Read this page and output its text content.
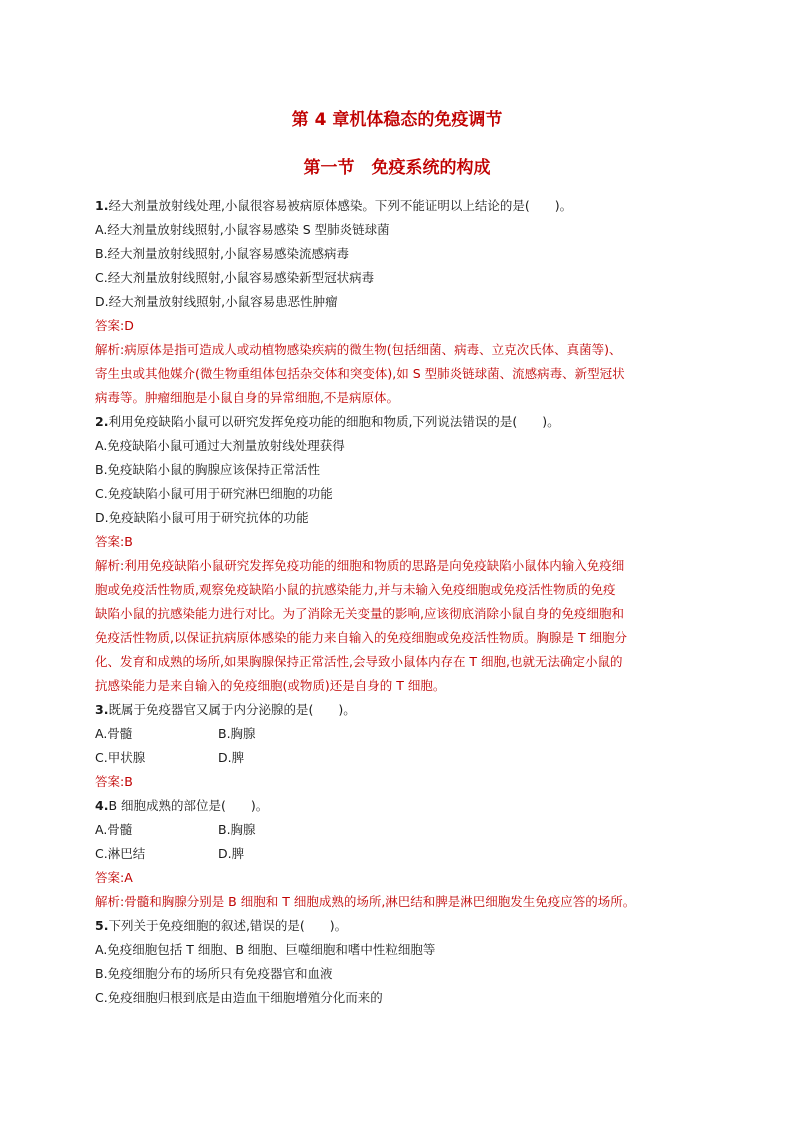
第 4 章机体稳态的免疫调节
第一节　免疫系统的构成
1.经大剂量放射线处理,小鼠很容易被病原体感染。下列不能证明以上结论的是(　　)。
A.经大剂量放射线照射,小鼠容易感染 S 型肺炎链球菌
B.经大剂量放射线照射,小鼠容易感染流感病毒
C.经大剂量放射线照射,小鼠容易感染新型冠状病毒
D.经大剂量放射线照射,小鼠容易患恶性肿瘤
答案:D
解析:病原体是指可造成人或动植物感染疾病的微生物(包括细菌、病毒、立克次氏体、真菌等)、
寄生虫或其他媒介(微生物重组体包括杂交体和突变体),如 S 型肺炎链球菌、流感病毒、新型冠状
病毒等。肿瘤细胞是小鼠自身的异常细胞,不是病原体。
2.利用免疫缺陷小鼠可以研究发挥免疫功能的细胞和物质,下列说法错误的是(　　)。
A.免疫缺陷小鼠可通过大剂量放射线处理获得
B.免疫缺陷小鼠的胸腺应该保持正常活性
C.免疫缺陷小鼠可用于研究淋巴细胞的功能
D.免疫缺陷小鼠可用于研究抗体的功能
答案:B
解析:利用免疫缺陷小鼠研究发挥免疫功能的细胞和物质的思路是向免疫缺陷小鼠体内输入免疫细
胞或免疫活性物质,观察免疫缺陷小鼠的抗感染能力,并与未输入免疫细胞或免疫活性物质的免疫
缺陷小鼠的抗感染能力进行对比。为了消除无关变量的影响,应该彻底消除小鼠自身的免疫细胞和
免疫活性物质,以保证抗病原体感染的能力来自输入的免疫细胞或免疫活性物质。胸腺是 T 细胞分
化、发育和成熟的场所,如果胸腺保持正常活性,会导致小鼠体内存在 T 细胞,也就无法确定小鼠的
抗感染能力是来自输入的免疫细胞(或物质)还是自身的 T 细胞。
3.既属于免疫器官又属于内分泌腺的是(　　)。
A.骨髓	B.胸腺
C.甲状腺	D.脾
答案:B
4.B 细胞成熟的部位是(　　)。
A.骨髓	B.胸腺
C.淋巴结	D.脾
答案:A
解析:骨髓和胸腺分别是 B 细胞和 T 细胞成熟的场所,淋巴结和脾是淋巴细胞发生免疫应答的场所。
5.下列关于免疫细胞的叙述,错误的是(　　)。
A.免疫细胞包括 T 细胞、B 细胞、巨噬细胞和嗜中性粒细胞等
B.免疫细胞分布的场所只有免疫器官和血液
C.免疫细胞归根到底是由造血干细胞增殖分化而来的
